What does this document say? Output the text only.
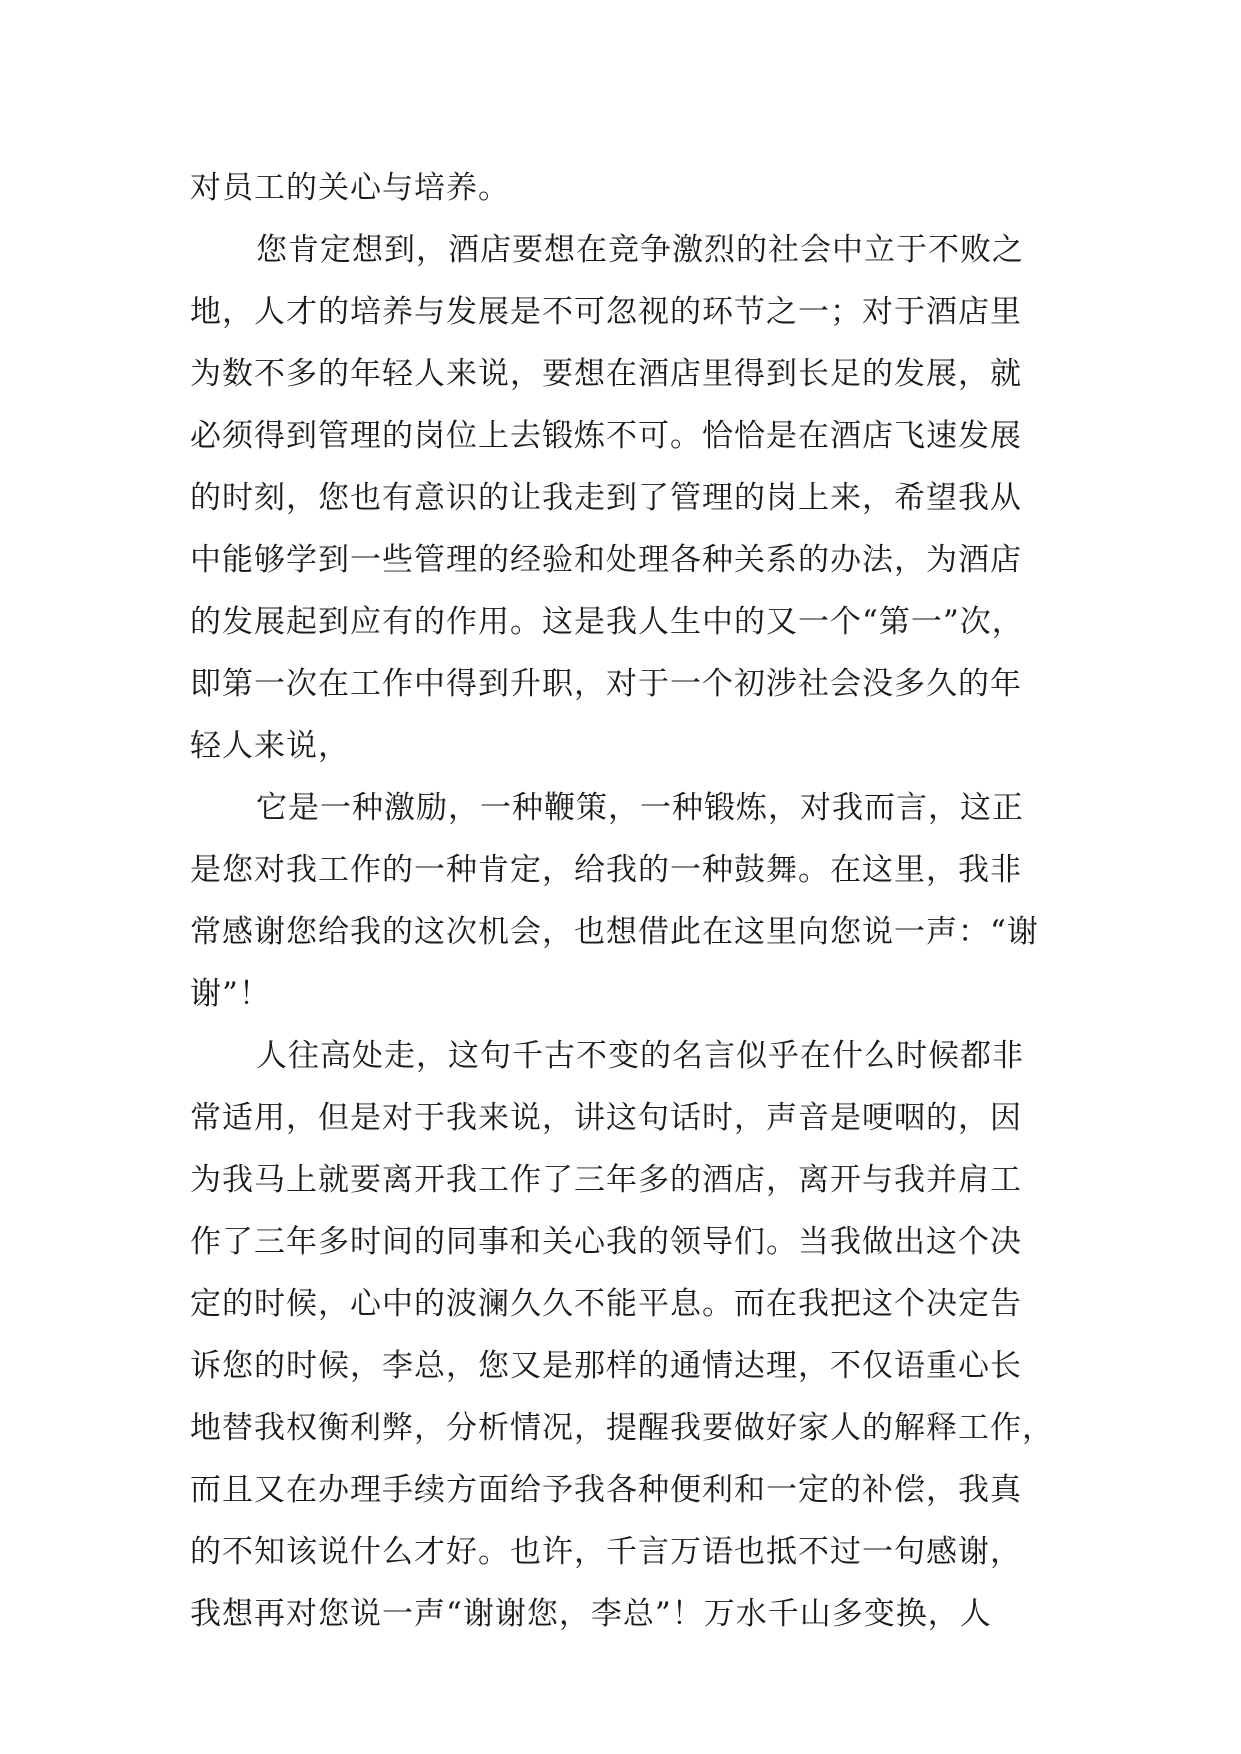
对员工的关心与培养。
您肯定想到，酒店要想在竞争激烈的社会中立于不败之
地，人才的培养与发展是不可忽视的环节之一；对于酒店里
为数不多的年轻人来说，要想在酒店里得到长足的发展，就
必须得到管理的岗位上去锻炼不可。恰恰是在酒店飞速发展
的时刻，您也有意识的让我走到了管理的岗上来，希望我从
中能够学到一些管理的经验和处理各种关系的办法，为酒店
的发展起到应有的作用。这是我人生中的又一个“第一”次，
即第一次在工作中得到升职，对于一个初涉社会没多久的年
轻人来说，
它是一种激励，一种鞭策，一种锻炼，对我而言，这正
是您对我工作的一种肯定，给我的一种鼓舞。在这里，我非
常感谢您给我的这次机会，也想借此在这里向您说一声：“谢
谢”！
人往高处走，这句千古不变的名言似乎在什么时候都非
常适用，但是对于我来说，讲这句话时，声音是哽咽的，因
为我马上就要离开我工作了三年多的酒店，离开与我并肩工
作了三年多时间的同事和关心我的领导们。当我做出这个决
定的时候，心中的波澜久久不能平息。而在我把这个决定告
诉您的时候，李总，您又是那样的通情达理，不仅语重心长
地替我权衡利弊，分析情况，提醒我要做好家人的解释工作，
而且又在办理手续方面给予我各种便利和一定的补偿，我真
的不知该说什么才好。也许，千言万语也抵不过一句感谢，
我想再对您说一声“谢谢您，李总”！万水千山多变换，人
